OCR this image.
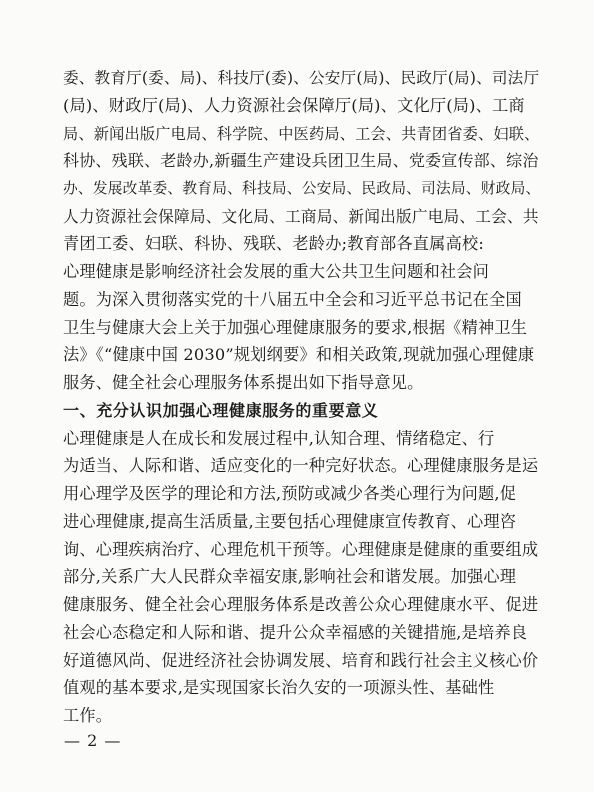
委、教育厅(委、局)、科技厅(委)、公安厅(局)、民政厅(局)、司法厅
(局)、财政厅(局)、人力资源社会保障厅(局)、文化厅(局)、工商
局、新闻出版广电局、科学院、中医药局、工会、共青团省委、妇联、
科协、残联、老龄办,新疆生产建设兵团卫生局、党委宣传部、综治
办、发展改革委、教育局、科技局、公安局、民政局、司法局、财政局、
人力资源社会保障局、文化局、工商局、新闻出版广电局、工会、共
青团工委、妇联、科协、残联、老龄办;教育部各直属高校:
心理健康是影响经济社会发展的重大公共卫生问题和社会问
题。为深入贯彻落实党的十八届五中全会和习近平总书记在全国
卫生与健康大会上关于加强心理健康服务的要求,根据《精神卫生
法》《“健康中国 2030”规划纲要》和相关政策,现就加强心理健康
服务、健全社会心理服务体系提出如下指导意见。
一、充分认识加强心理健康服务的重要意义
心理健康是人在成长和发展过程中,认知合理、情绪稳定、行
为适当、人际和谐、适应变化的一种完好状态。心理健康服务是运
用心理学及医学的理论和方法,预防或减少各类心理行为问题,促
进心理健康,提高生活质量,主要包括心理健康宣传教育、心理咨
询、心理疾病治疗、心理危机干预等。心理健康是健康的重要组成
部分,关系广大人民群众幸福安康,影响社会和谐发展。加强心理
健康服务、健全社会心理服务体系是改善公众心理健康水平、促进
社会心态稳定和人际和谐、提升公众幸福感的关键措施,是培养良
好道德风尚、促进经济社会协调发展、培育和践行社会主义核心价
值观的基本要求,是实现国家长治久安的一项源头性、基础性
工作。
— 2 —
